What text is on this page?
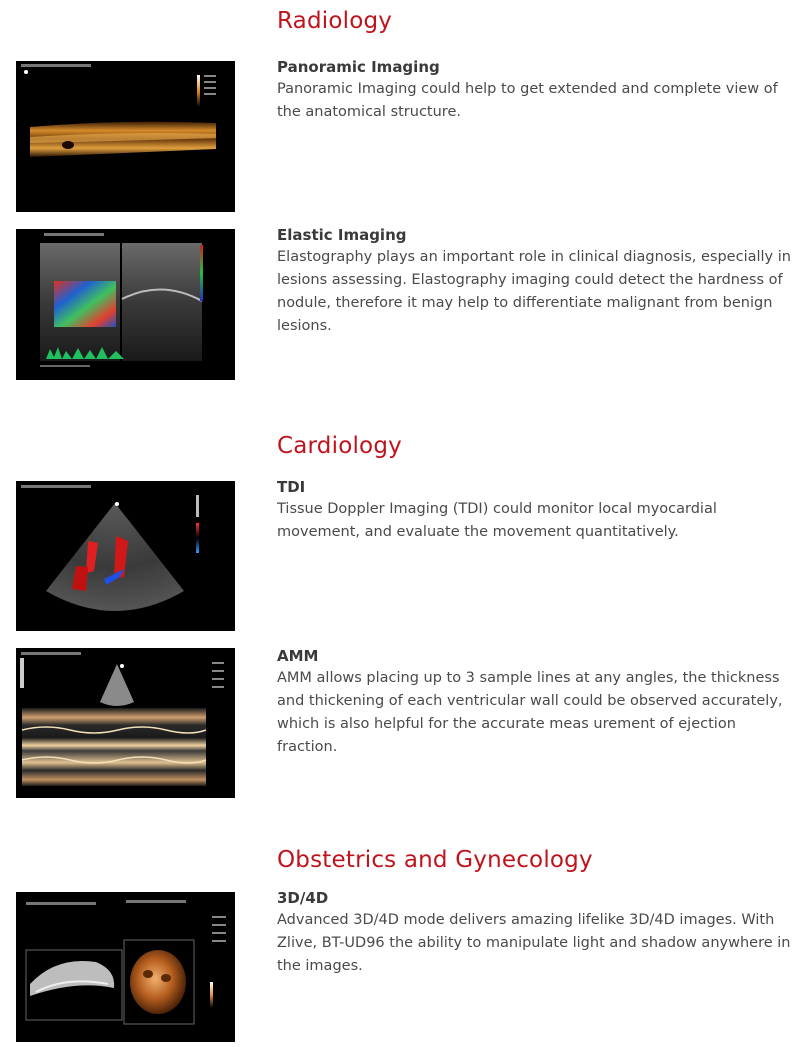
Radiology
Panoramic Imaging

Panoramic Imaging could help to get extended and complete view of the anatomical structure.

Elastic Imaging

Elastography plays an important role in clinical diagnosis, especially in lesions assessing. Elastography imaging could detect the hardness of nodule, therefore it may help to differentiate malignant from benign lesions.

Cardiology
TDI

Tissue Doppler Imaging (TDI) could monitor local myocardial movement, and evaluate the movement quantitatively.

AMM

AMM allows placing up to 3 sample lines at any angles, the thickness and thickening of each ventricular wall could be observed accurately, which is also helpful for the accurate meas urement of ejection fraction.

Obstetrics and Gynecology
3D/4D

Advanced 3D/4D mode delivers amazing lifelike 3D/4D images. With Zlive, BT-UD96 the ability to manipulate light and shadow anywhere in the images.
